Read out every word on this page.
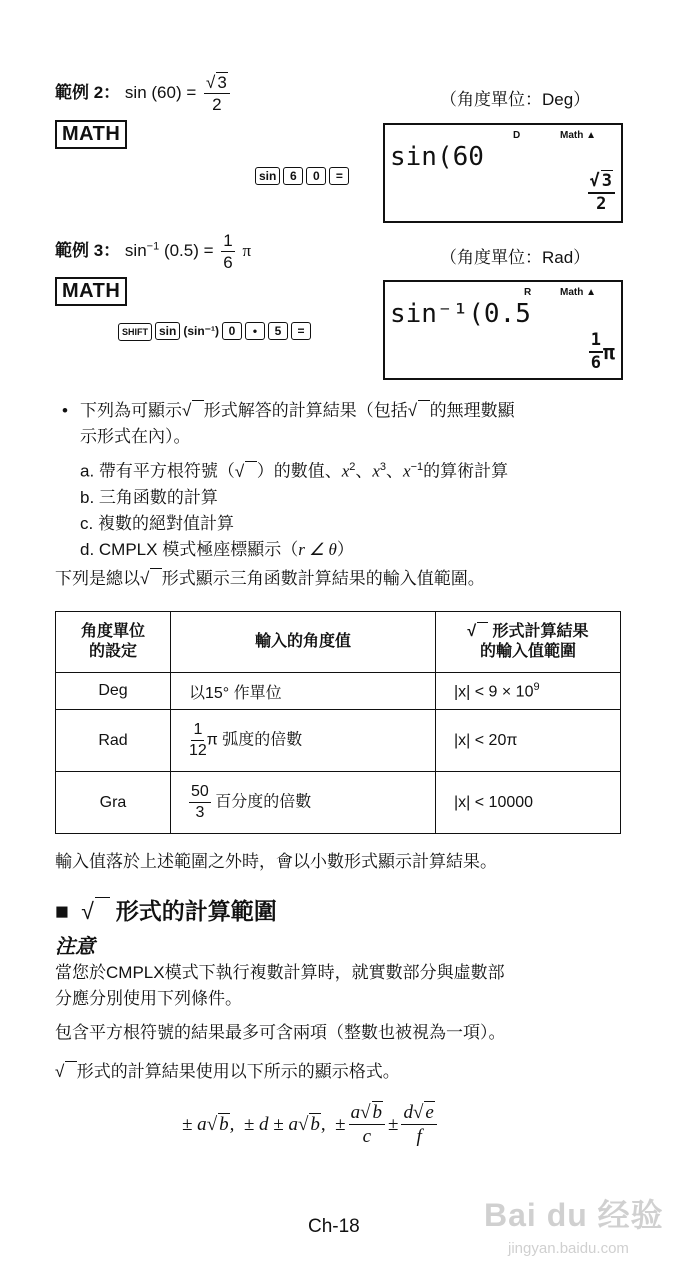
範例 2： $\sin (60) = \frac{√ 3}{2}$	（角度單位：Deg）
MATH
sin 6 0 =
sin(60
D	Math ▲
$\frac{√ 3}{2}$
範例 3： $\sin^{-1} (0.5) = \frac{1}{6}$ π	（角度單位：Rad）
MATH
SHIFT sin (sin⁻¹) 0 • 5 =
sin⁻¹(0.5
R	Math ▲
$\frac{1}{6}$ π
• 下列為可顯示√ 形式解答的計算結果（包括√ 的無理數顯
示形式在內）。
a. 帶有平方根符號（√ ）的數值、$x^2$、$x^3$、$x^{-1}$的算術計算
b. 三角函數的計算
c. 複數的絕對值計算
d. CMPLX 模式極座標顯示（r ∠ θ）
下列是總以√ 形式顯示三角函數計算結果的輸入值範圍。
角度單位
的設定	輸入的角度值	√ 形式計算結果
的輸入值範圍
Deg	以15° 作單位	$|x| < 9 \times 10^9$
Rad	$\frac{1}{12}$ π 弧度的倍數	|x| < 20π
Gra	$\frac{50}{3}$ 百分度的倍數	|x| < 10000
輸入值落於上述範圍之外時，會以小數形式顯示計算結果。
■ √ 形式的計算範圍
注意
當您於CMPLX模式下執行複數計算時，就實數部分與虛數部
分應分別使用下列條件。
包含平方根符號的結果最多可含兩項（整數也被視為一項）。
√ 形式的計算結果使用以下所示的顯示格式。
± a √ b ,  ± d ± a √ b ,  ± $\frac{a√ b}{c} \pm \frac{d√ e}{f}$
Ch-18	Bai du 经验
jingyan.baidu.com
